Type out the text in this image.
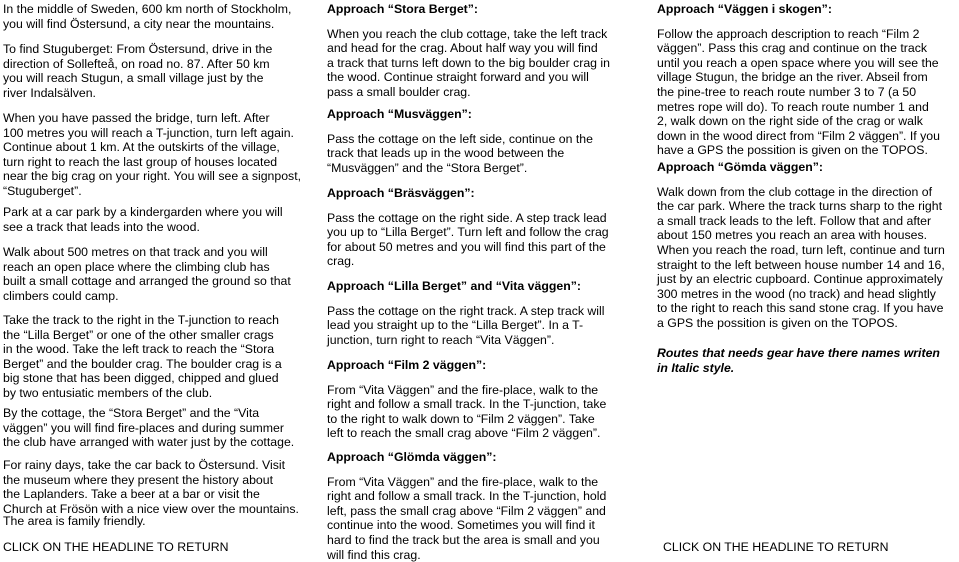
In the middle of Sweden, 600 km north of Stockholm,
you will find Östersund, a city near the mountains.

To find Stuguberget: From Östersund, drive in the
direction of Sollefteå, on road no. 87. After 50 km
you will reach Stugun, a small village just by the
river Indalsälven.

When you have passed the bridge, turn left. After
100 metres you will reach a T-junction, turn left again.
Continue about 1 km. At the outskirts of the village,
turn right to reach the last group of houses located
near the big crag on your right. You will see a signpost,
“Stuguberget”.

Park at a car park by a kindergarden where you will
see a track that leads into the wood.

Walk about 500 metres on that track and you will
reach an open place where the climbing club has
built a small cottage and arranged the ground so that
climbers could camp.

Take the track to the right in the T-junction to reach
the “Lilla Berget” or one of the other smaller crags
in the wood. Take the left track to reach the “Stora
Berget” and the boulder crag. The boulder crag is a
big stone that has been digged, chipped and glued
by two entusiatic members of the club.

By the cottage, the “Stora Berget” and the “Vita
väggen” you will find fire-places and during summer
the club have arranged with water just by the cottage.

For rainy days, take the car back to Östersund. Visit
the museum where they present the history about
the Laplanders. Take a beer at a bar or visit the
Church at Frösön with a nice view over the mountains.

The area is family friendly.

CLICK ON THE HEADLINE TO RETURN
Approach “Stora Berget”:

When you reach the club cottage, take the left track
and head for the crag. About half way you will find
a track that turns left down to the big boulder crag in
the wood. Continue straight forward and you will
pass a small boulder crag.

Approach “Musväggen”:

Pass the cottage on the left side, continue on the
track that leads up in the wood between the
“Musväggen” and the “Stora Berget”.

Approach “Bräsväggen”:

Pass the cottage on the right side. A step track lead
you up to “Lilla Berget”. Turn left and follow the crag
for about 50 metres and you will find this part of the
crag.

Approach “Lilla Berget” and “Vita väggen”:

Pass the cottage on the right track. A step track will
lead you straight up to the “Lilla Berget”. In a T-
junction, turn right to reach “Vita Väggen”.

Approach “Film 2 väggen”:

From “Vita Väggen” and the fire-place, walk to the
right and follow a small track. In the T-junction, take
to the right to walk down to “Film 2 väggen”. Take
left to reach the small crag above “Film 2 väggen”.

Approach “Glömda väggen”:

From “Vita Väggen” and the fire-place, walk to the
right and follow a small track. In the T-junction, hold
left, pass the small crag above “Film 2 väggen” and
continue into the wood. Sometimes you will find it
hard to find the track but the area is small and you
will find this crag.

Approach “Väggen i skogen”:

Follow the approach description to reach “Film 2
väggen”. Pass this crag and continue on the track
until you reach a open space where you will see the
village Stugun, the bridge an the river. Abseil from
the pine-tree to reach route number 3 to 7 (a 50
metres rope will do). To reach route number 1 and
2, walk down on the right side of the crag or walk
down in the wood direct from “Film 2 väggen”. If you
have a GPS the possition is given on the TOPOS.

Approach “Gömda väggen”:

Walk down from the club cottage in the direction of
the car park. Where the track turns sharp to the right
a small track leads to the left. Follow that and after
about 150 metres you reach an area with houses.
When you reach the road, turn left, continue and turn
straight to the left between house number 14 and 16,
just by an electric cupboard. Continue approximately
300 metres in the wood (no track) and head slightly
to the right to reach this sand stone crag. If you have
a GPS the possition is given on the TOPOS.

Routes that needs gear have there names writen
in Italic style.

CLICK ON THE HEADLINE TO RETURN
